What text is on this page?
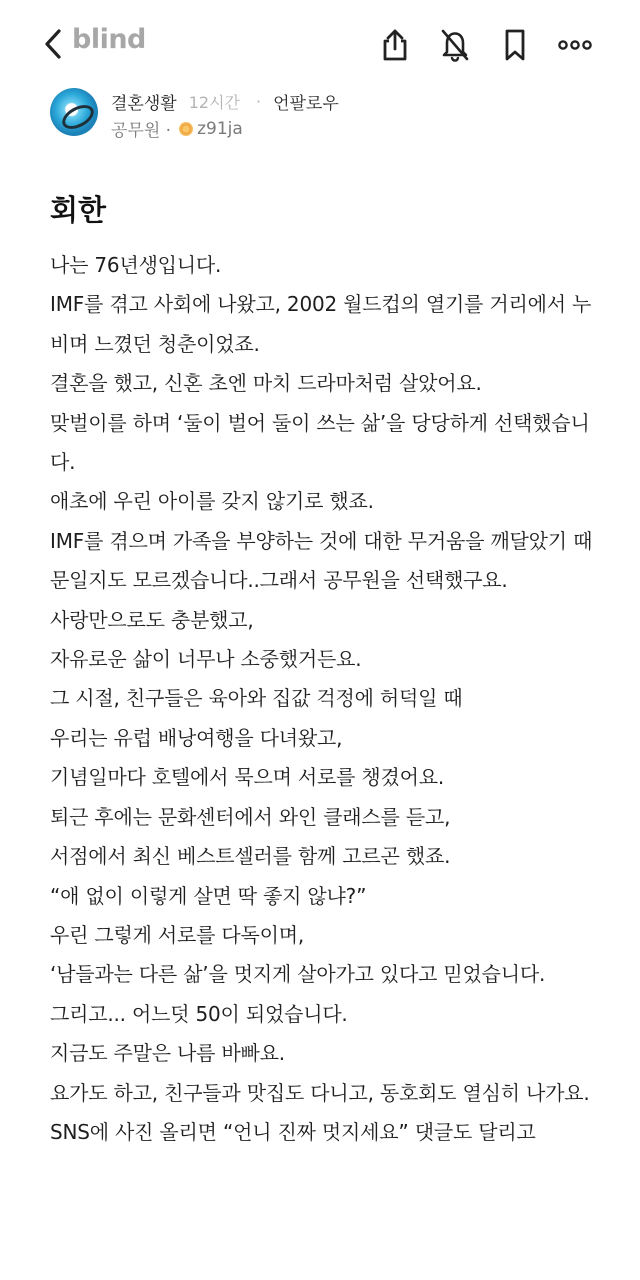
blind
결혼생활 12시간 · 언팔로우
공무원 · z91ja
회한

나는 76년생입니다.
IMF를 겪고 사회에 나왔고, 2002 월드컵의 열기를 거리에서 누비며 느꼈던 청춘이었죠.
결혼을 했고, 신혼 초엔 마치 드라마처럼 살았어요.

맞벌이를 하며 ‘둘이 벌어 둘이 쓰는 삶’을 당당하게 선택했습니다.
애초에 우린 아이를 갖지 않기로 했죠.
IMF를 겪으며 가족을 부양하는 것에 대한 무거움을 깨달았기 때문일지도 모르겠습니다..그래서 공무원을 선택했구요.
사랑만으로도 충분했고,
자유로운 삶이 너무나 소중했거든요.

그 시절, 친구들은 육아와 집값 걱정에 허덕일 때
우리는 유럽 배낭여행을 다녀왔고,
기념일마다 호텔에서 묵으며 서로를 챙겼어요.
퇴근 후에는 문화센터에서 와인 클래스를 듣고,
서점에서 최신 베스트셀러를 함께 고르곤 했죠.
“애 없이 이렇게 살면 딱 좋지 않냐?”
우린 그렇게 서로를 다독이며,
‘남들과는 다른 삶’을 멋지게 살아가고 있다고 믿었습니다.

그리고... 어느덧 50이 되었습니다.

지금도 주말은 나름 바빠요.
요가도 하고, 친구들과 맛집도 다니고, 동호회도 열심히 나가요.
SNS에 사진 올리면 “언니 진짜 멋지세요” 댓글도 달리고
